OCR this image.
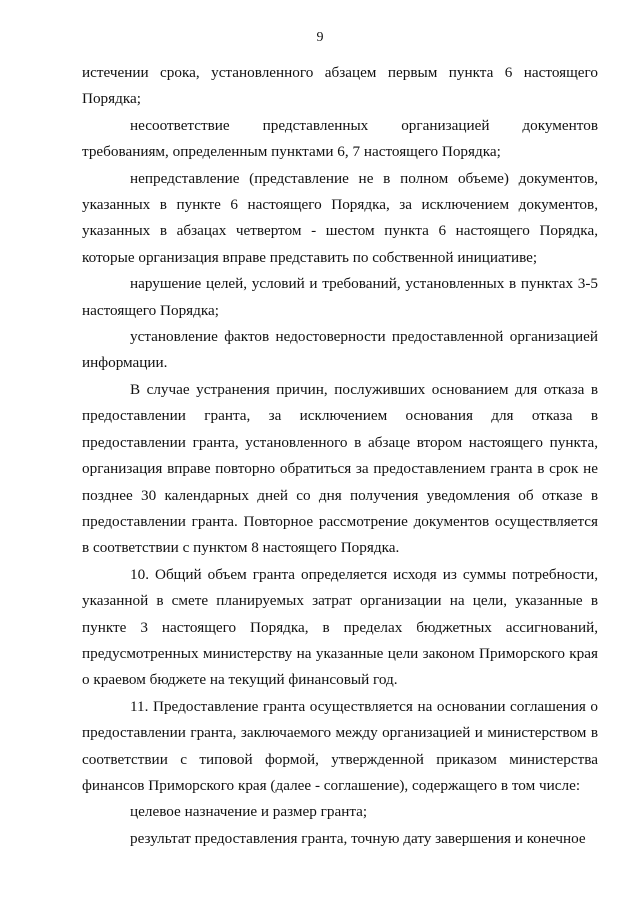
9

истечении срока, установленного абзацем первым пункта 6 настоящего Порядка;

несоответствие представленных организацией документов требованиям, определенным пунктами 6, 7 настоящего Порядка;

непредставление (представление не в полном объеме) документов, указанных в пункте 6 настоящего Порядка, за исключением документов, указанных в абзацах четвертом - шестом пункта 6 настоящего Порядка, которые организация вправе представить по собственной инициативе;

нарушение целей, условий и требований, установленных в пунктах 3-5 настоящего Порядка;

установление фактов недостоверности предоставленной организацией информации.

В случае устранения причин, послуживших основанием для отказа в предоставлении гранта, за исключением основания для отказа в предоставлении гранта, установленного в абзаце втором настоящего пункта, организация вправе повторно обратиться за предоставлением гранта в срок не позднее 30 календарных дней со дня получения уведомления об отказе в предоставлении гранта. Повторное рассмотрение документов осуществляется в соответствии с пунктом 8 настоящего Порядка.

10. Общий объем гранта определяется исходя из суммы потребности, указанной в смете планируемых затрат организации на цели, указанные в пункте 3 настоящего Порядка, в пределах бюджетных ассигнований, предусмотренных министерству на указанные цели законом Приморского края о краевом бюджете на текущий финансовый год.

11. Предоставление гранта осуществляется на основании соглашения о предоставлении гранта, заключаемого между организацией и министерством в соответствии с типовой формой, утвержденной приказом министерства финансов Приморского края (далее - соглашение), содержащего в том числе:

целевое назначение и размер гранта;

результат предоставления гранта, точную дату завершения и конечное
